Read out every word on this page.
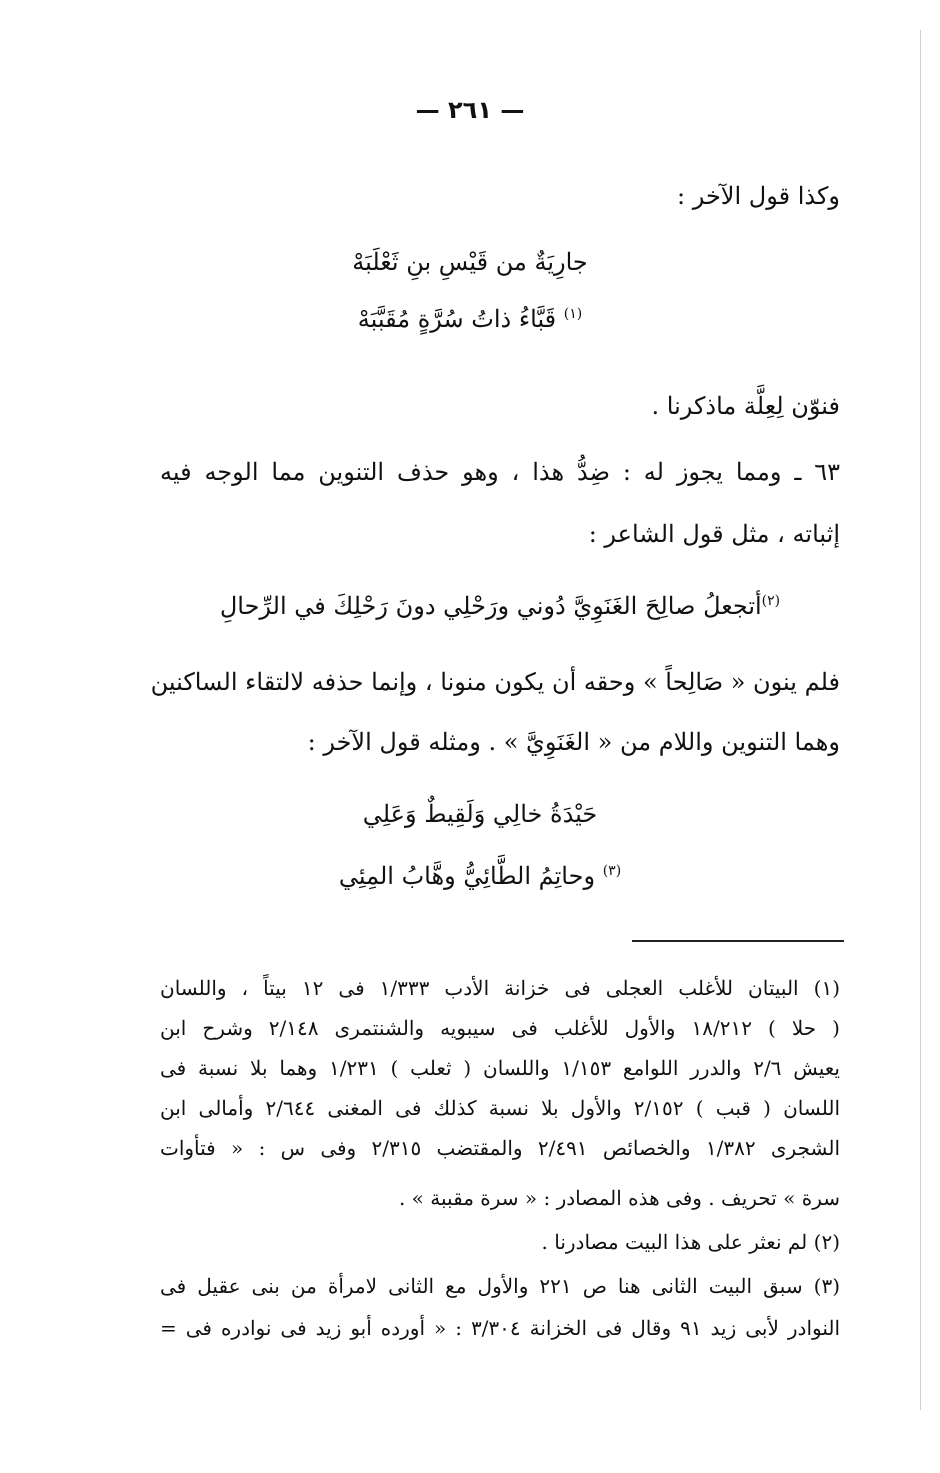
— ٢٦١ —
وكذا قول الآخر :
جارِيَةٌ من قَيْسِ بنِ ثَعْلَبَهْ
$^{(١)}$ قَبَّاءُ ذاتُ سُرَّةٍ مُقَبَّبَهْ
فنوّن لِعِلَّة ماذكرنا .
٦٣ ـ ومما يجوز له : ضِدُّ هذا ، وهو حذف التنوين مما الوجه فيه
إثباته ، مثل قول الشاعر :
$^{(٢)}$أتجعلُ صالِحَ الغَنَوِيَّ دُوني ورَحْلِي دونَ رَحْلِكَ في الرِّحالِ
فلم ينون « صَالِحاً » وحقه أن يكون منونا ، وإنما حذفه لالتقاء الساكنين
وهما التنوين واللام من « الغَنَوِيَّ » . ومثله قول الآخر :
حَيْدَةُ خالِي وَلَقِيطٌ وَعَلِي
$^{(٣)}$ وحاتِمُ الطَّائِيُّ وهَّابُ المِئِي
(١) البيتان للأغلب العجلى فى خزانة الأدب ١/٣٣٣ فى ١٢ بيتاً ، واللسان
( حلا ) ١٨/٢١٢ والأول للأغلب فى سيبويه والشنتمرى ٢/١٤٨ وشرح ابن
يعيش ٢/٦ والدرر اللوامع ١/١٥٣ واللسان ( ثعلب ) ١/٢٣١ وهما بلا نسبة فى
اللسان ( قبب ) ٢/١٥٢ والأول بلا نسبة كذلك فى المغنى ٢/٦٤٤ وأمالى ابن
الشجرى ١/٣٨٢ والخصائص ٢/٤٩١ والمقتضب ٢/٣١٥ وفى س : « فتأوات
سرة » تحريف . وفى هذه المصادر : « سرة مقببة » .
(٢) لم نعثر على هذا البيت مصادرنا .
(٣) سبق البيت الثانى هنا ص ٢٢١ والأول مع الثانى لامرأة من بنى عقيل فى
النوادر لأبى زيد ٩١ وقال فى الخزانة ٣/٣٠٤ : « أورده أبو زيد فى نوادره فى =
